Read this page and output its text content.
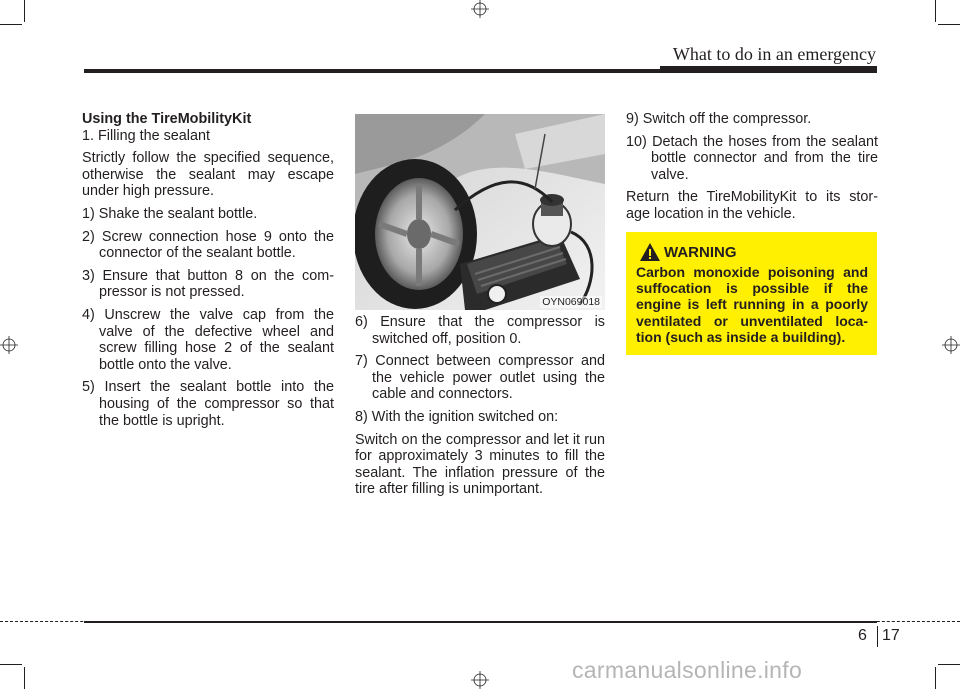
What to do in an emergency

Using the TireMobilityKit

1. Filling the sealant

Strictly follow the specified sequence, otherwise the sealant may escape under high pressure.

1) Shake the sealant bottle.

2) Screw connection hose 9 onto the connector of the sealant bottle.

3) Ensure that button 8 on the com- pressor is not pressed.

4) Unscrew the valve cap from the valve of the defective wheel and screw filling hose 2 of the sealant bottle onto the valve.

5) Insert the sealant bottle into the housing of the compressor so that the bottle is upright.

OYN069018

6) Ensure that the compressor is switched off, position 0.

7) Connect between compressor and the vehicle power outlet using the cable and connectors.

8) With the ignition switched on:

Switch on the compressor and let it run for approximately 3 minutes to fill the sealant. The inflation pressure of the tire after filling is unimportant.

9) Switch off the compressor.

10) Detach the hoses from the sealant bottle connector and from the tire valve.

Return the TireMobilityKit to its stor- age location in the vehicle.

WARNING
Carbon monoxide poisoning and suffocation is possible if the engine is left running in a poorly ventilated or unventilated loca- tion (such as inside a building).
6 17
carmanualsonline.info
